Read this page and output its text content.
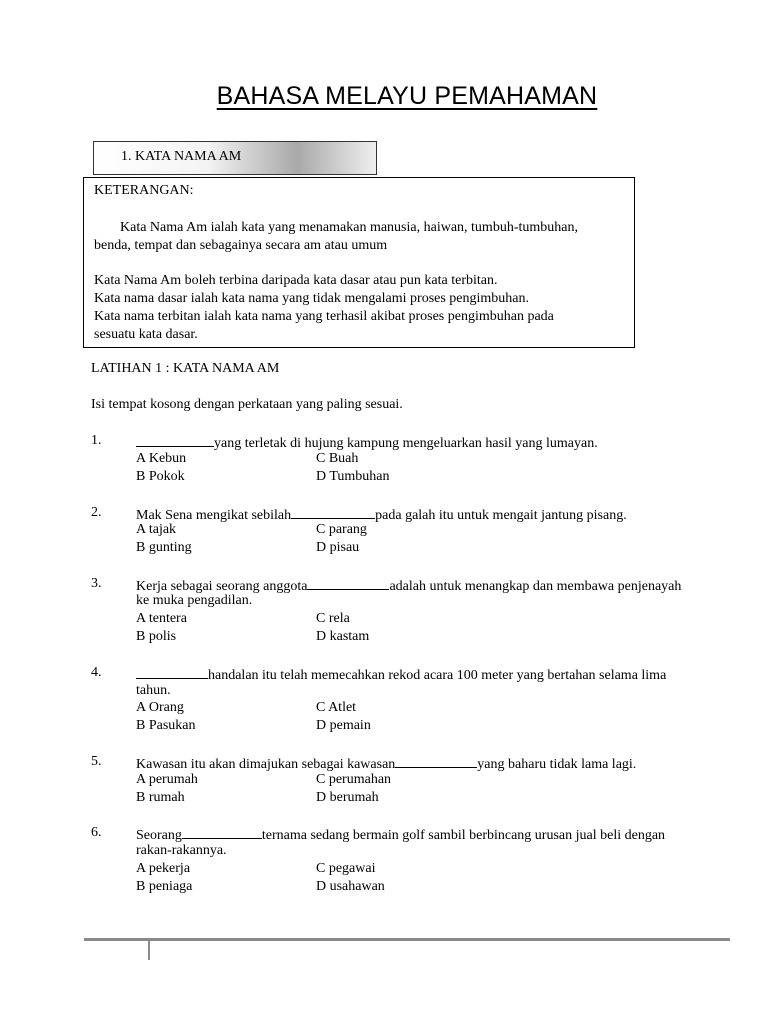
BAHASA MELAYU PEMAHAMAN
1. KATA NAMA AM
KETERANGAN:
Kata Nama Am ialah kata yang menamakan manusia, haiwan, tumbuh-tumbuhan,
benda, tempat dan sebagainya secara am atau umum
Kata Nama Am boleh terbina daripada kata dasar atau pun kata terbitan.
Kata nama dasar ialah kata nama yang tidak mengalami proses pengimbuhan.
Kata nama terbitan ialah kata nama yang terhasil akibat proses pengimbuhan pada
sesuatu kata dasar.
LATIHAN 1 : KATA NAMA AM
Isi tempat kosong dengan perkataan yang paling sesuai.
1.	yang terletak di hujung kampung mengeluarkan hasil yang lumayan.
A Kebun	C Buah
B Pokok	D Tumbuhan
2. Mak Sena mengikat sebilah	pada galah itu untuk mengait jantung pisang.
A tajak	C parang
B gunting	D pisau
3. Kerja sebagai seorang anggota	adalah untuk menangkap dan membawa penjenayah
ke muka pengadilan.
A tentera	C rela
B polis	D kastam
4.	handalan itu telah memecahkan rekod acara 100 meter yang bertahan selama lima
tahun.
A Orang	C Atlet
B Pasukan	D pemain
5. Kawasan itu akan dimajukan sebagai kawasan	yang baharu tidak lama lagi.
A perumah	C perumahan
B rumah	D berumah
6. Seorang	ternama sedang bermain golf sambil berbincang urusan jual beli dengan
rakan-rakannya.
A pekerja	C pegawai
B peniaga	D usahawan
